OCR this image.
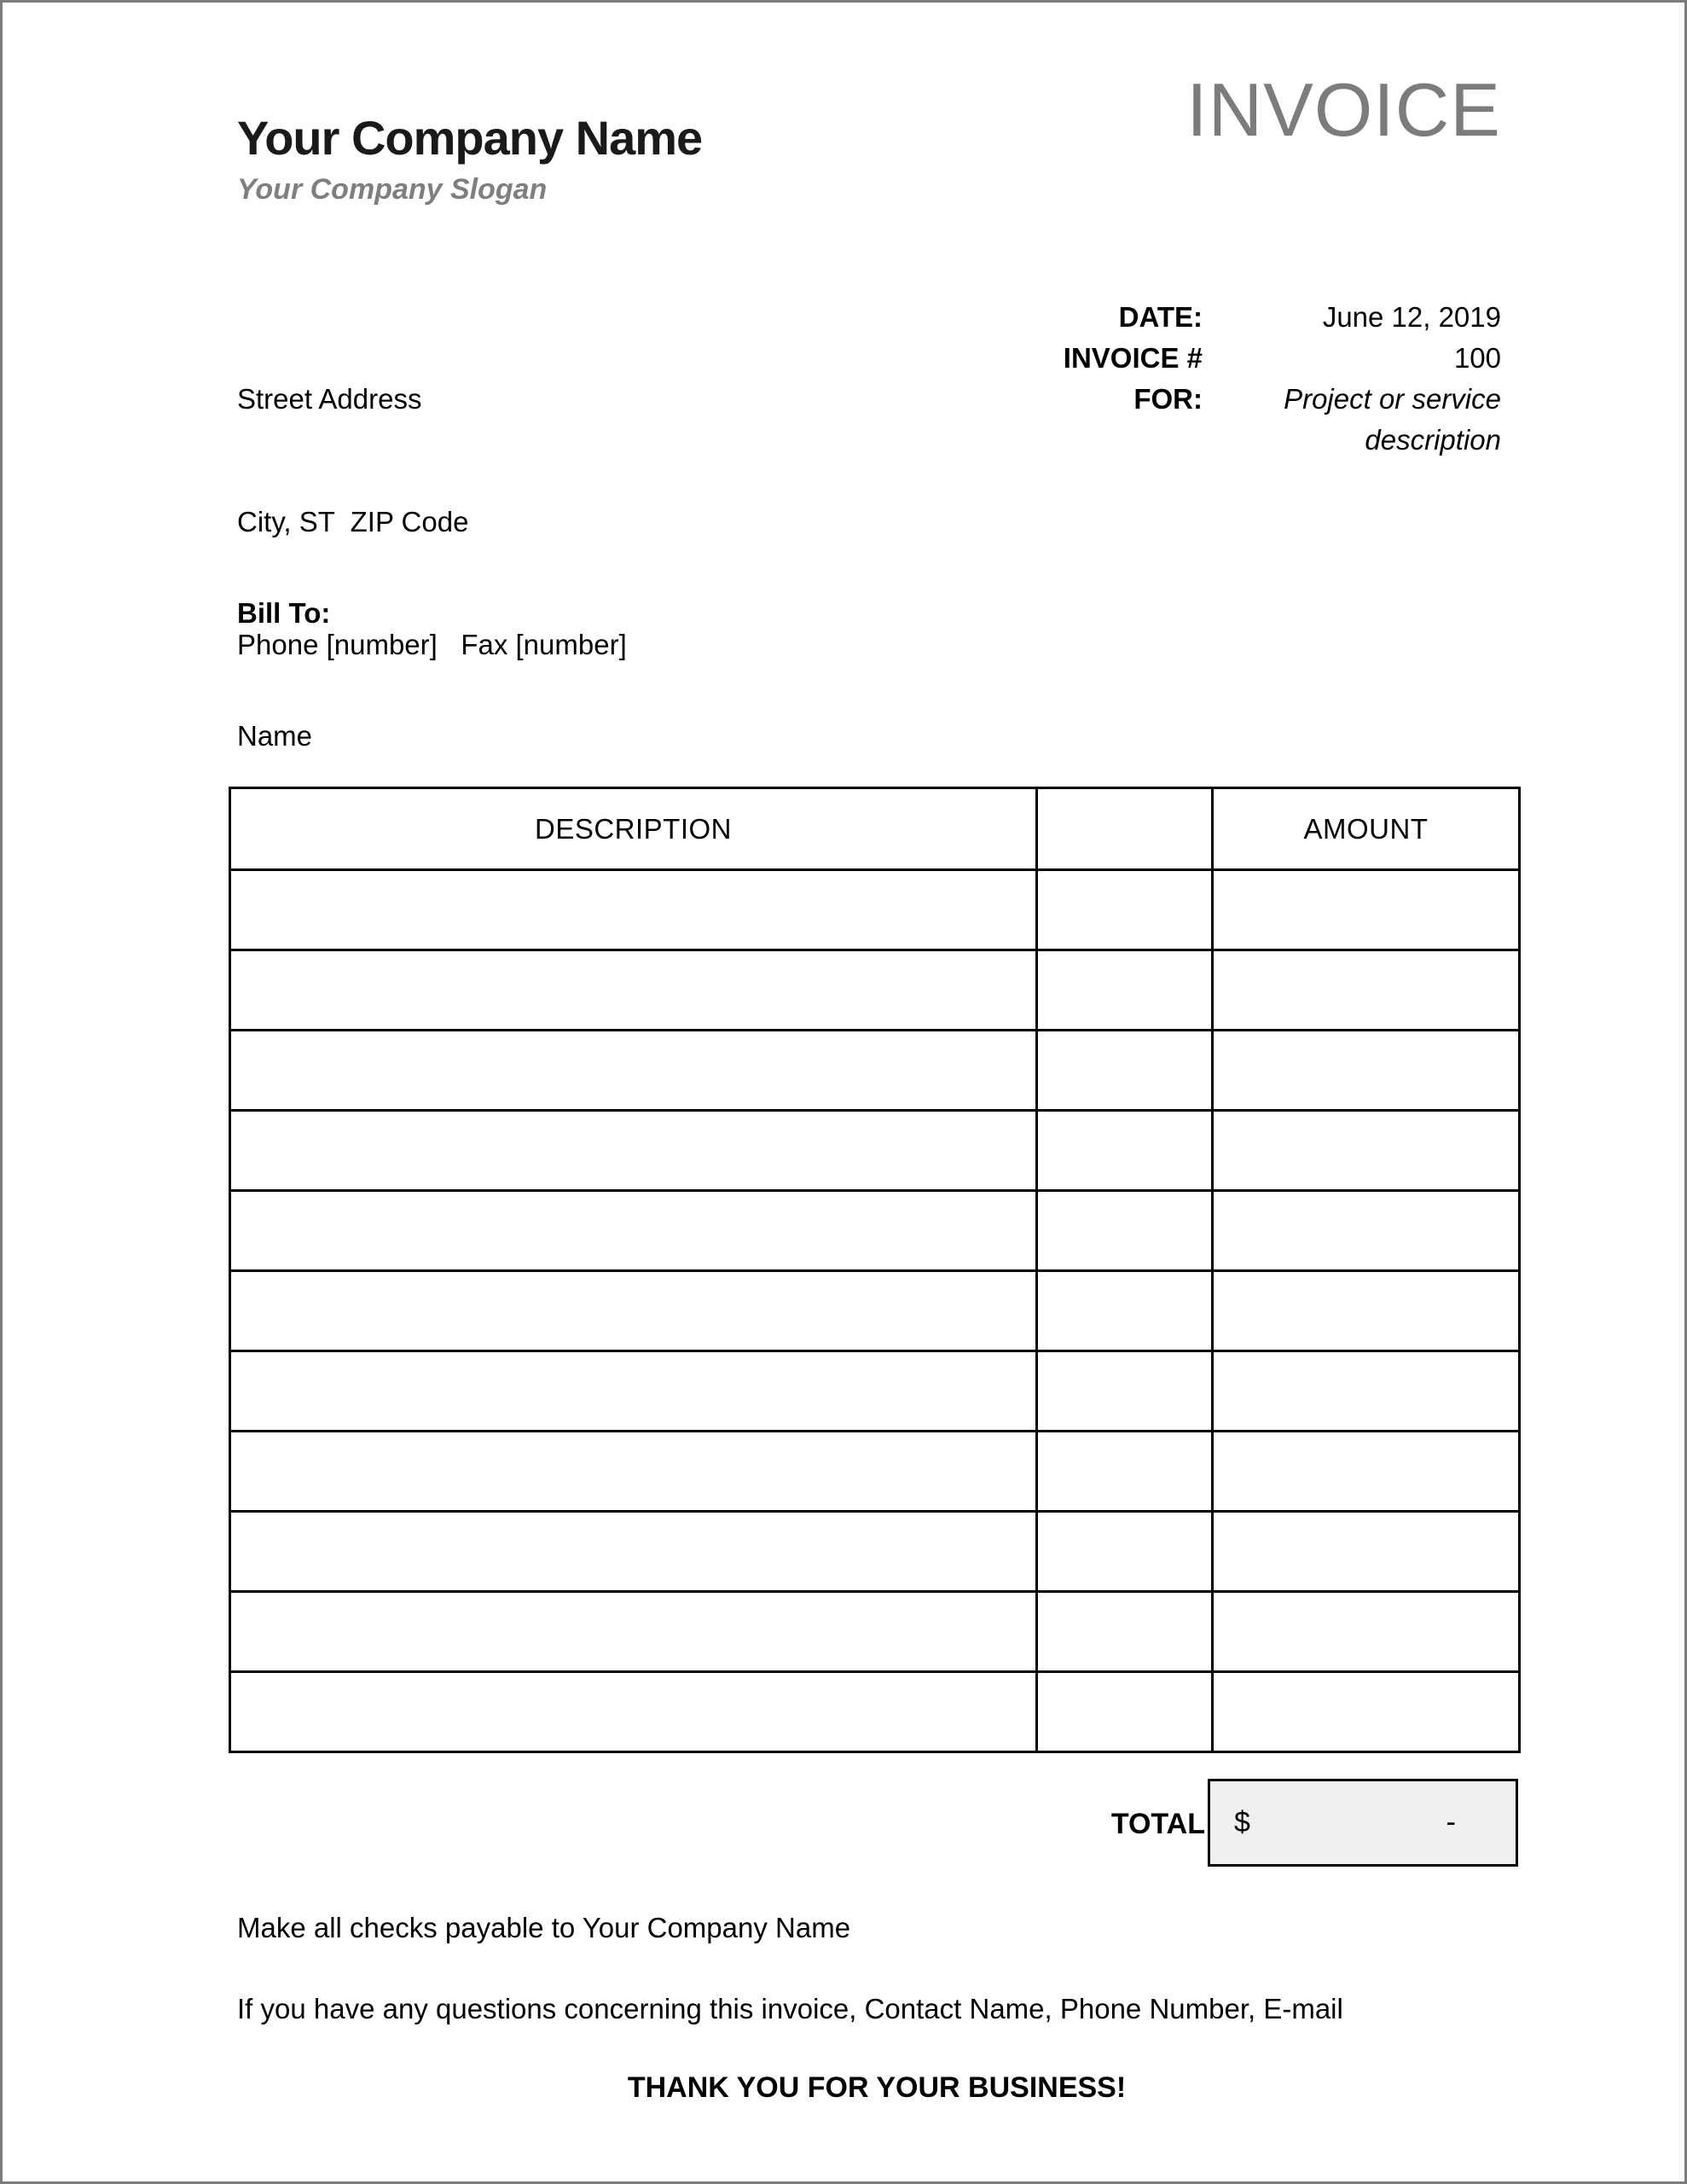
Your Company Name
Your Company Slogan
INVOICE

Street Address

City, ST  ZIP Code

Phone [number]   Fax [number]

DATE:	June 12, 2019
INVOICE #	100
FOR:	Project or service description

Bill To:

Name

DESCRIPTION		AMOUNT

TOTAL $	-
Make all checks payable to Your Company Name
If you have any questions concerning this invoice, Contact Name, Phone Number, E-mail
THANK YOU FOR YOUR BUSINESS!
